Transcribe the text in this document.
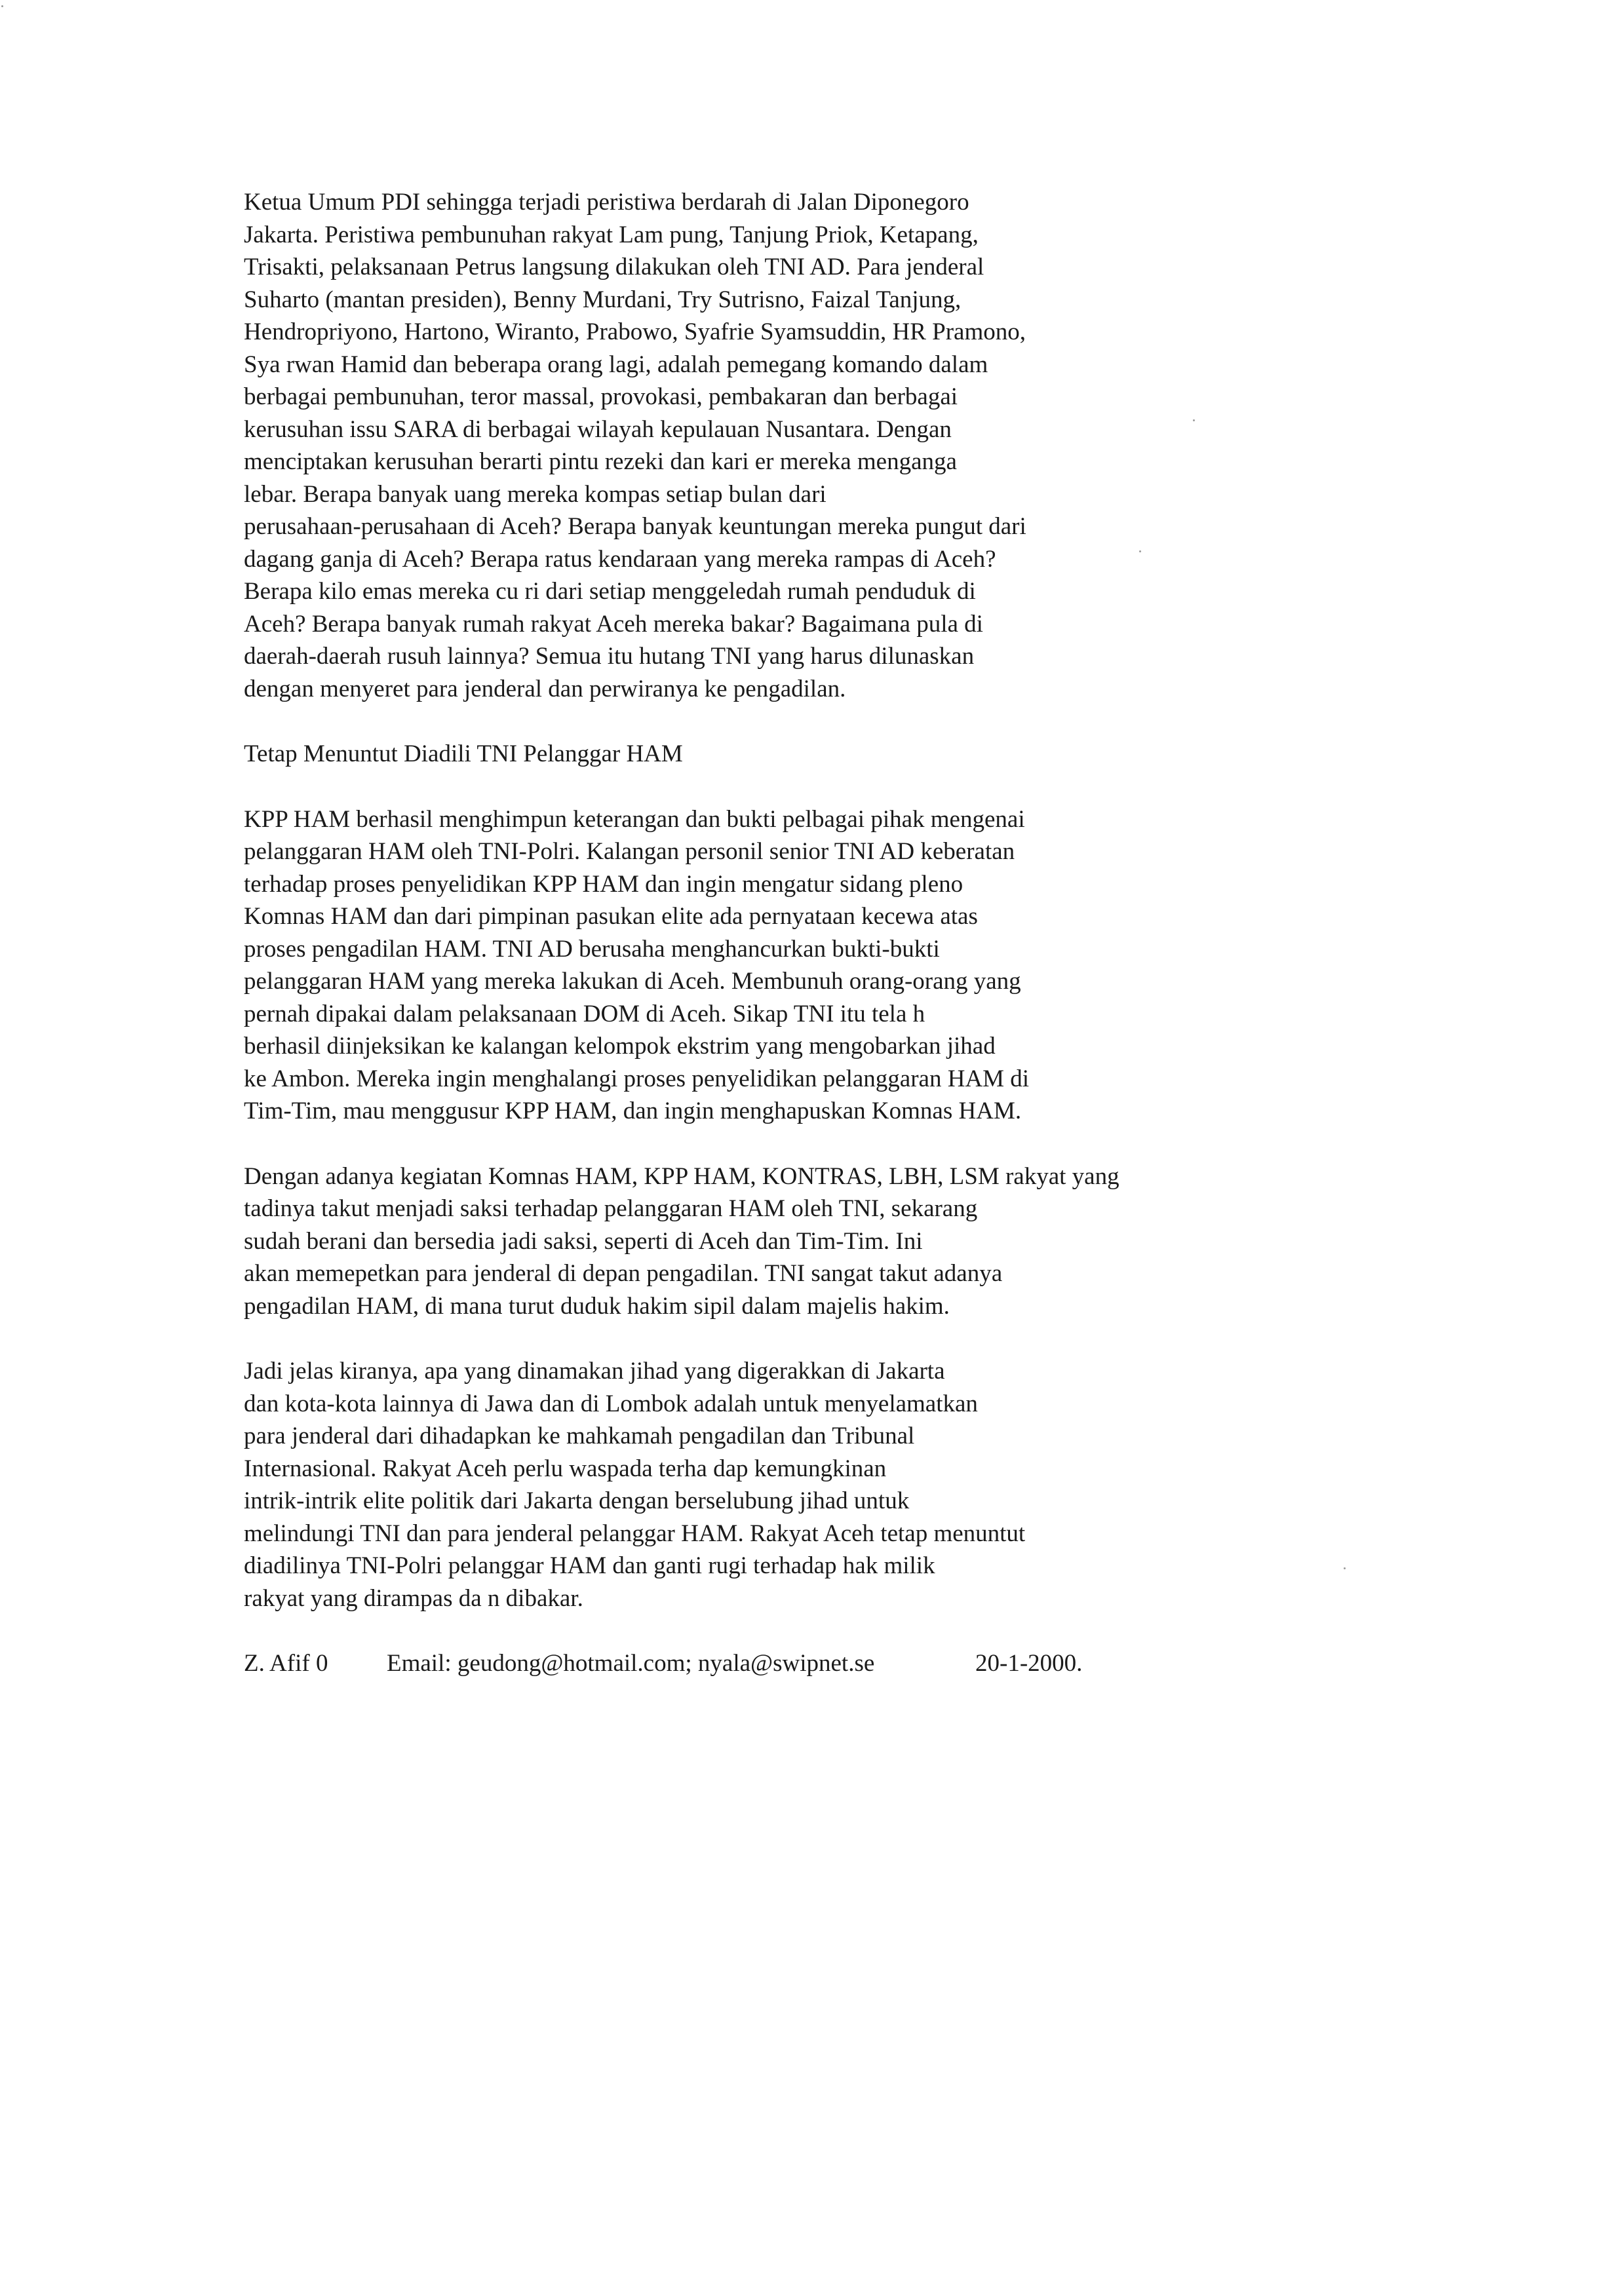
Ketua Umum PDI sehingga terjadi peristiwa berdarah di Jalan Diponegoro
Jakarta. Peristiwa pembunuhan rakyat Lam pung, Tanjung Priok, Ketapang,
Trisakti, pelaksanaan Petrus langsung dilakukan oleh TNI AD. Para jenderal
Suharto (mantan presiden), Benny Murdani, Try Sutrisno, Faizal Tanjung,
Hendropriyono, Hartono, Wiranto, Prabowo, Syafrie Syamsuddin, HR Pramono,
Sya rwan Hamid dan beberapa orang lagi, adalah pemegang komando dalam
berbagai pembunuhan, teror massal, provokasi, pembakaran dan berbagai
kerusuhan issu SARA di berbagai wilayah kepulauan Nusantara. Dengan
menciptakan kerusuhan berarti pintu rezeki dan kari er mereka menganga
lebar. Berapa banyak uang mereka kompas setiap bulan dari
perusahaan-perusahaan di Aceh? Berapa banyak keuntungan mereka pungut dari
dagang ganja di Aceh? Berapa ratus kendaraan yang mereka rampas di Aceh?
Berapa kilo emas mereka cu ri dari setiap menggeledah rumah penduduk di
Aceh? Berapa banyak rumah rakyat Aceh mereka bakar? Bagaimana pula di
daerah-daerah rusuh lainnya? Semua itu hutang TNI yang harus dilunaskan
dengan menyeret para jenderal dan perwiranya ke pengadilan.

Tetap Menuntut Diadili TNI Pelanggar HAM

KPP HAM berhasil menghimpun keterangan dan bukti pelbagai pihak mengenai
pelanggaran HAM oleh TNI-Polri. Kalangan personil senior TNI AD keberatan
terhadap proses penyelidikan KPP HAM dan ingin mengatur sidang pleno
Komnas HAM dan dari pimpinan pasukan elite ada pernyataan kecewa atas
proses pengadilan HAM. TNI AD berusaha menghancurkan bukti-bukti
pelanggaran HAM yang mereka lakukan di Aceh. Membunuh orang-orang yang
pernah dipakai dalam pelaksanaan DOM di Aceh. Sikap TNI itu tela h
berhasil diinjeksikan ke kalangan kelompok ekstrim yang mengobarkan jihad
ke Ambon. Mereka ingin menghalangi proses penyelidikan pelanggaran HAM di
Tim-Tim, mau menggusur KPP HAM, dan ingin menghapuskan Komnas HAM.

Dengan adanya kegiatan Komnas HAM, KPP HAM, KONTRAS, LBH, LSM rakyat yang
tadinya takut menjadi saksi terhadap pelanggaran HAM oleh TNI, sekarang
sudah berani dan bersedia jadi saksi, seperti di Aceh dan Tim-Tim. Ini
akan memepetkan para jenderal di depan pengadilan. TNI sangat takut adanya
pengadilan HAM, di mana turut duduk hakim sipil dalam majelis hakim.

Jadi jelas kiranya, apa yang dinamakan jihad yang digerakkan di Jakarta
dan kota-kota lainnya di Jawa dan di Lombok adalah untuk menyelamatkan
para jenderal dari dihadapkan ke mahkamah pengadilan dan Tribunal
Internasional. Rakyat Aceh perlu waspada terha dap kemungkinan
intrik-intrik elite politik dari Jakarta dengan berselubung jihad untuk
melindungi TNI dan para jenderal pelanggar HAM. Rakyat Aceh tetap menuntut
diadilinya TNI-Polri pelanggar HAM dan ganti rugi terhadap hak milik
rakyat yang dirampas da n dibakar.

Z. Afif 0 Email: geudong@hotmail.com; nyala@swipnet.se	20-1-2000.
